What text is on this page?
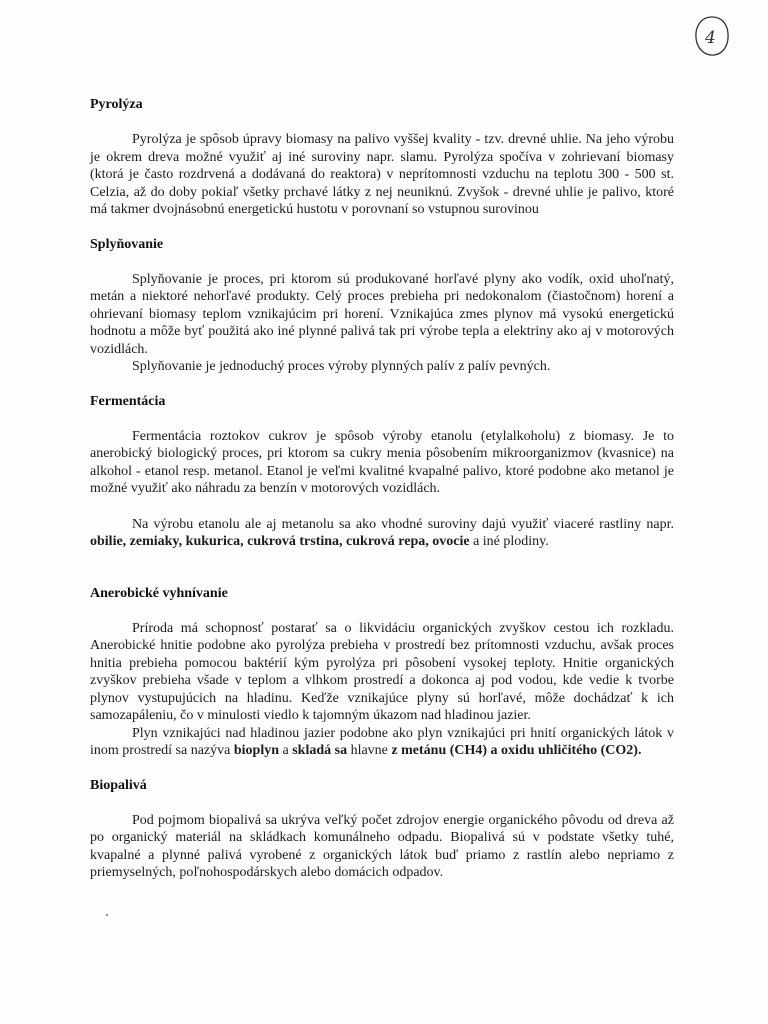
4
Pyrolýza

Pyrolýza je spôsob úpravy biomasy na palivo vyššej kvality - tzv. drevné uhlie. Na jeho výrobu je okrem dreva možné využiť aj iné suroviny napr. slamu. Pyrolýza spočíva v zohrievaní biomasy (ktorá je často rozdrvená a dodávaná do reaktora) v neprítomnosti vzduchu na teplotu 300 - 500 st. Celzia, až do doby pokiaľ všetky prchavé látky z nej neuniknú. Zvyšok - drevné uhlie je palivo, ktoré má takmer dvojnásobnú energetickú hustotu v porovnaní so vstupnou surovinou

Splyňovanie

Splyňovanie je proces, pri ktorom sú produkované horľavé plyny ako vodík, oxid uhoľnatý, metán a niektoré nehorľavé produkty. Celý proces prebieha pri nedokonalom (čiastočnom) horení a ohrievaní biomasy teplom vznikajúcim pri horení. Vznikajúca zmes plynov má vysokú energetickú hodnotu a môže byť použitá ako iné plynné palivá tak pri výrobe tepla a elektriny ako aj v motorových vozidlách.

Splyňovanie je jednoduchý proces výroby plynných palív z palív pevných.

Fermentácia

Fermentácia roztokov cukrov je spôsob výroby etanolu (etylalkoholu) z biomasy. Je to anerobický biologický proces, pri ktorom sa cukry menia pôsobením mikroorganizmov (kvasnice) na alkohol - etanol resp. metanol. Etanol je veľmi kvalitné kvapalné palivo, ktoré podobne ako metanol je možné využiť ako náhradu za benzín v motorových vozidlách.

Na výrobu etanolu ale aj metanolu sa ako vhodné suroviny dajú využiť viaceré rastliny napr. obilie, zemiaky, kukurica, cukrová trstina, cukrová repa, ovocie a iné plodiny.

Anerobické vyhnívanie

Príroda má schopnosť postarať sa o likvidáciu organických zvyškov cestou ich rozkladu. Anerobické hnitie podobne ako pyrolýza prebieha v prostredí bez prítomnosti vzduchu, avšak proces hnitia prebieha pomocou baktérií kým pyrolýza pri pôsobení vysokej teploty. Hnitie organických zvyškov prebieha všade v teplom a vlhkom prostredí a dokonca aj pod vodou, kde vedie k tvorbe plynov vystupujúcich na hladinu. Keďže vznikajúce plyny sú horľavé, môže dochádzať k ich samozapáleniu, čo v minulosti viedlo k tajomným úkazom nad hladinou jazier.

Plyn vznikajúci nad hladinou jazier podobne ako plyn vznikajúci pri hnití organických látok v inom prostredí sa nazýva bioplyn a skladá sa hlavne z metánu (CH4) a oxidu uhličitého (CO2).

Biopalivá

Pod pojmom biopalivá sa ukrýva veľký počet zdrojov energie organického pôvodu od dreva až po organický materiál na skládkach komunálneho odpadu. Biopalivá sú v podstate všetky tuhé, kvapalné a plynné palivá vyrobené z organických látok buď priamo z rastlín alebo nepriamo z priemyselných, poľnohospodárskych alebo domácich odpadov.
